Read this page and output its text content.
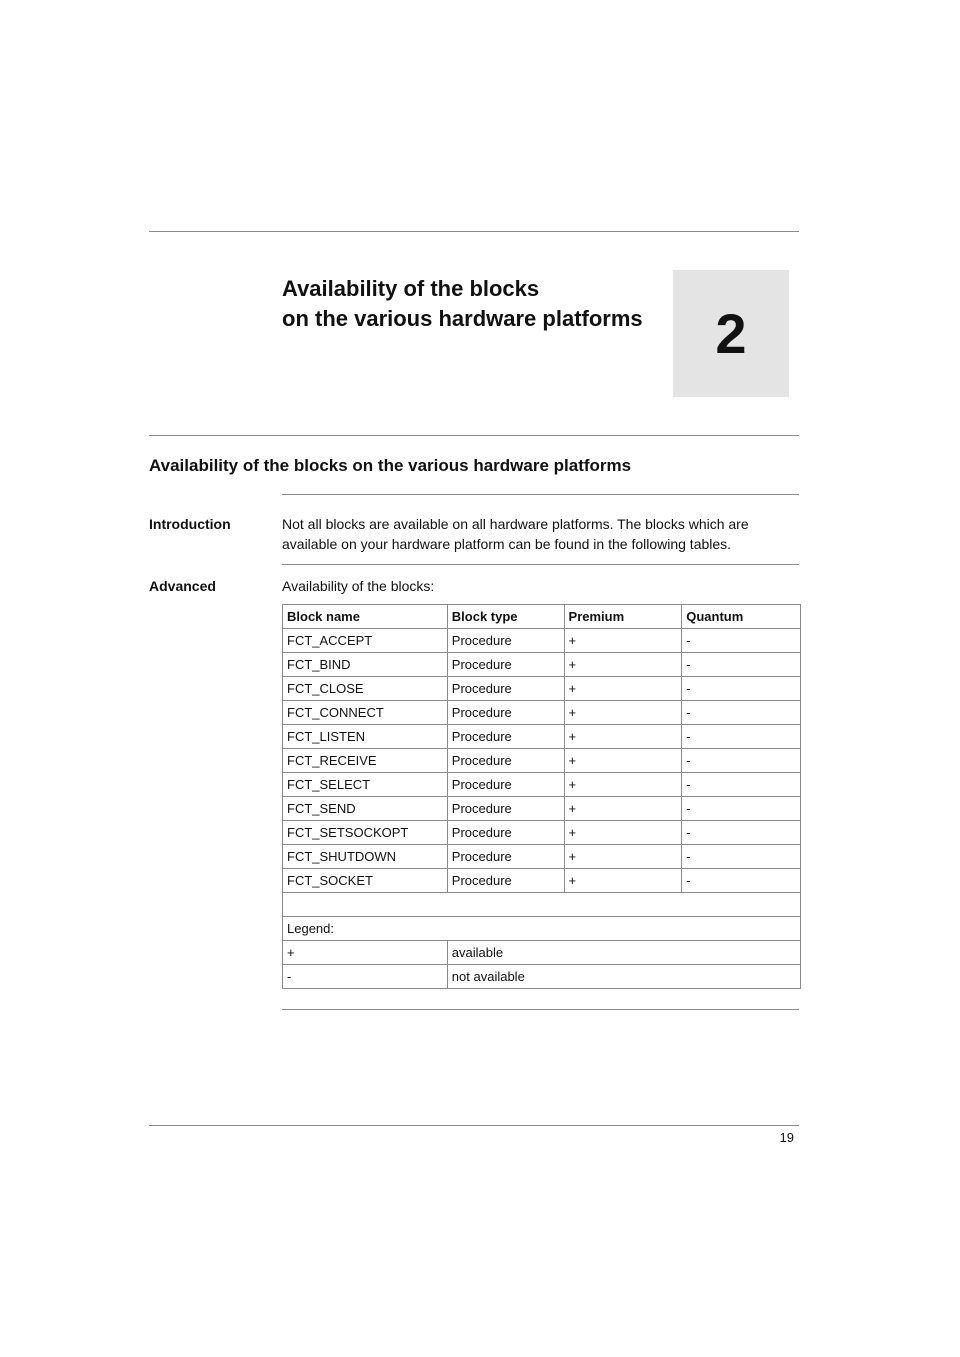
Availability of the blocks
on the various hardware platforms 2
Availability of the blocks on the various hardware platforms
Introduction	Not all blocks are available on all hardware platforms. The blocks which are available on your hardware platform can be found in the following tables.

Advanced	Availability of the blocks:

Block name	Block type	Premium	Quantum
FCT_ACCEPT	Procedure	+	-
FCT_BIND	Procedure	+	-
FCT_CLOSE	Procedure	+	-
FCT_CONNECT	Procedure	+	-
FCT_LISTEN	Procedure	+	-
FCT_RECEIVE	Procedure	+	-
FCT_SELECT	Procedure	+	-
FCT_SEND	Procedure	+	-
FCT_SETSOCKOPT	Procedure	+	-
FCT_SHUTDOWN	Procedure	+	-
FCT_SOCKET	Procedure	+	-

Legend:			
+	available		
-	not available		
19
